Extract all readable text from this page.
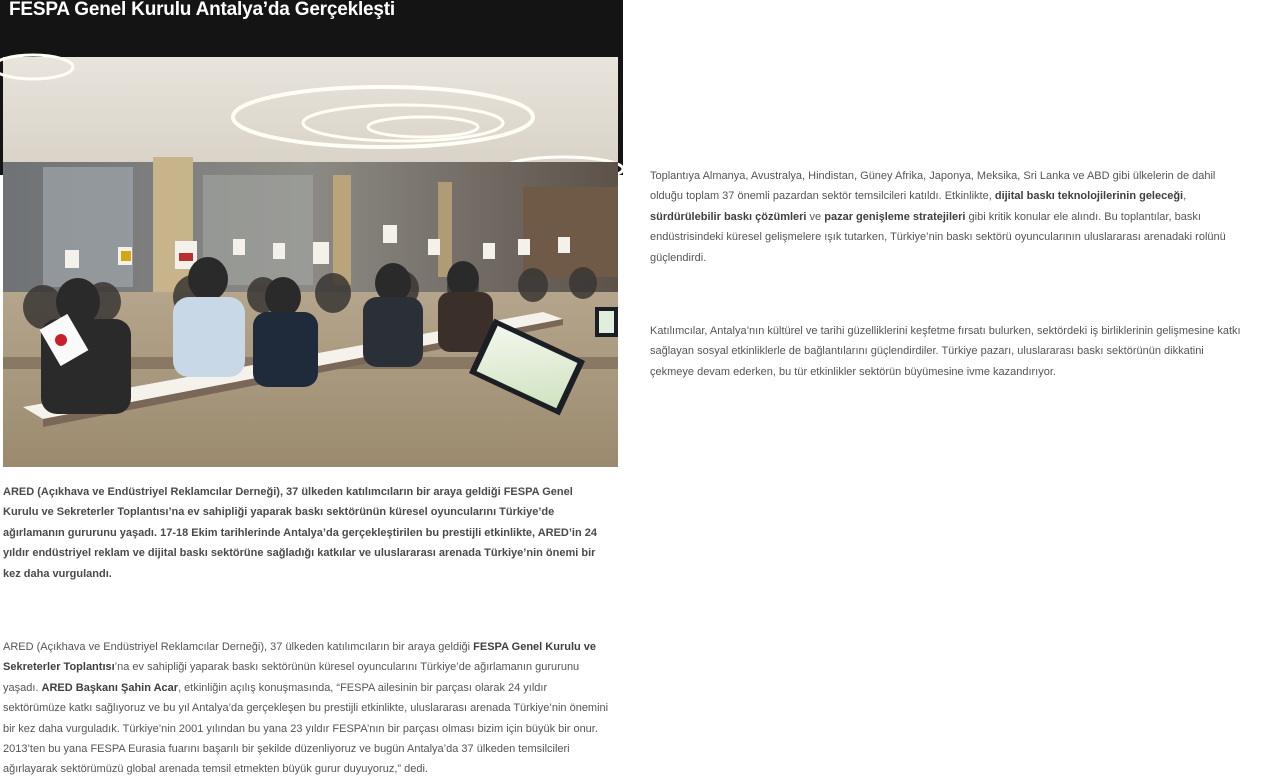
FESPA Genel Kurulu Antalya’da Gerçekleşti

ARED (Açıkhava ve Endüstriyel Reklamcılar Derneği), 37 ülkeden katılımcıların bir araya geldiği FESPA Genel Kurulu ve Sekreterler Toplantısı’na ev sahipliği yaparak baskı sektörünün küresel oyuncularını Türkiye’de ağırlamanın gururunu yaşadı. 17-18 Ekim tarihlerinde Antalya’da gerçekleştirilen bu prestijli etkinlikte, ARED’in 24 yıldır endüstriyel reklam ve dijital baskı sektörüne sağladığı katkılar ve uluslararası arenada Türkiye’nin önemi bir kez daha vurgulandı.

ARED (Açıkhava ve Endüstriyel Reklamcılar Derneği), 37 ülkeden katılımcıların bir araya geldiği FESPA Genel Kurulu ve Sekreterler Toplantısı’na ev sahipliği yaparak baskı sektörünün küresel oyuncularını Türkiye’de ağırlamanın gururunu yaşadı. ARED Başkanı Şahin Acar, etkinliğin açılış konuşmasında, “FESPA ailesinin bir parçası olarak 24 yıldır sektörümüze katkı sağlıyoruz ve bu yıl Antalya’da gerçekleşen bu prestijli etkinlikte, uluslararası arenada Türkiye’nin önemini bir kez daha vurguladık. Türkiye’nin 2001 yılından bu yana 23 yıldır FESPA’nın bir parçası olması bizim için büyük bir onur. 2013’ten bu yana FESPA Eurasia fuarını başarılı bir şekilde düzenliyoruz ve bugün Antalya’da 37 ülkeden temsilcileri ağırlayarak sektörümüzü global arenada temsil etmekten büyük gurur duyuyoruz,” dedi.

Toplantıya Almanya, Avustralya, Hindistan, Güney Afrika, Japonya, Meksika, Sri Lanka ve ABD gibi ülkelerin de dahil olduğu toplam 37 önemli pazardan sektör temsilcileri katıldı. Etkinlikte, dijital baskı teknolojilerinin geleceği, sürdürülebilir baskı çözümleri ve pazar genişleme stratejileri gibi kritik konular ele alındı. Bu toplantılar, baskı endüstrisindeki küresel gelişmelere ışık tutarken, Türkiye’nin baskı sektörü oyuncularının uluslararası arenadaki rolünü güçlendirdi.

Katılımcılar, Antalya’nın kültürel ve tarihi güzelliklerini keşfetme fırsatı bulurken, sektördeki iş birliklerinin gelişmesine katkı sağlayan sosyal etkinliklerle de bağlantılarını güçlendirdiler. Türkiye pazarı, uluslararası baskı sektörünün dikkatini çekmeye devam ederken, bu tür etkinlikler sektörün büyümesine ivme kazandırıyor.
